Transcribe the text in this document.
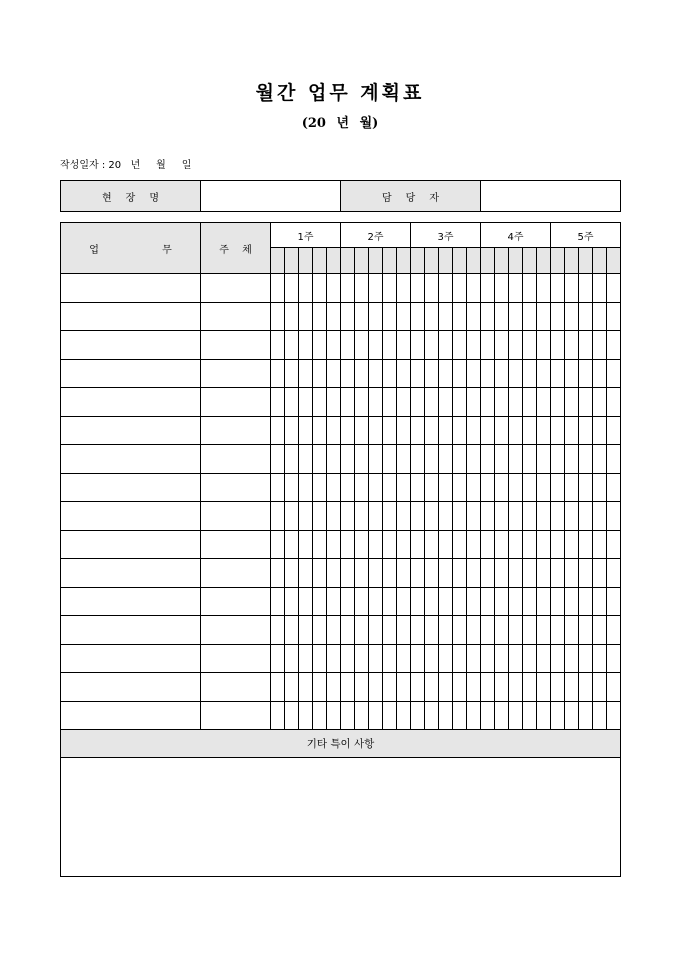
월간 업무 계획표
(20 년 월)
작성일자 : 20   년     월     일
현장명		담당자	
업 무	주 체	1주					2주					3주					4주					5주				

기타 특이 사항																										
